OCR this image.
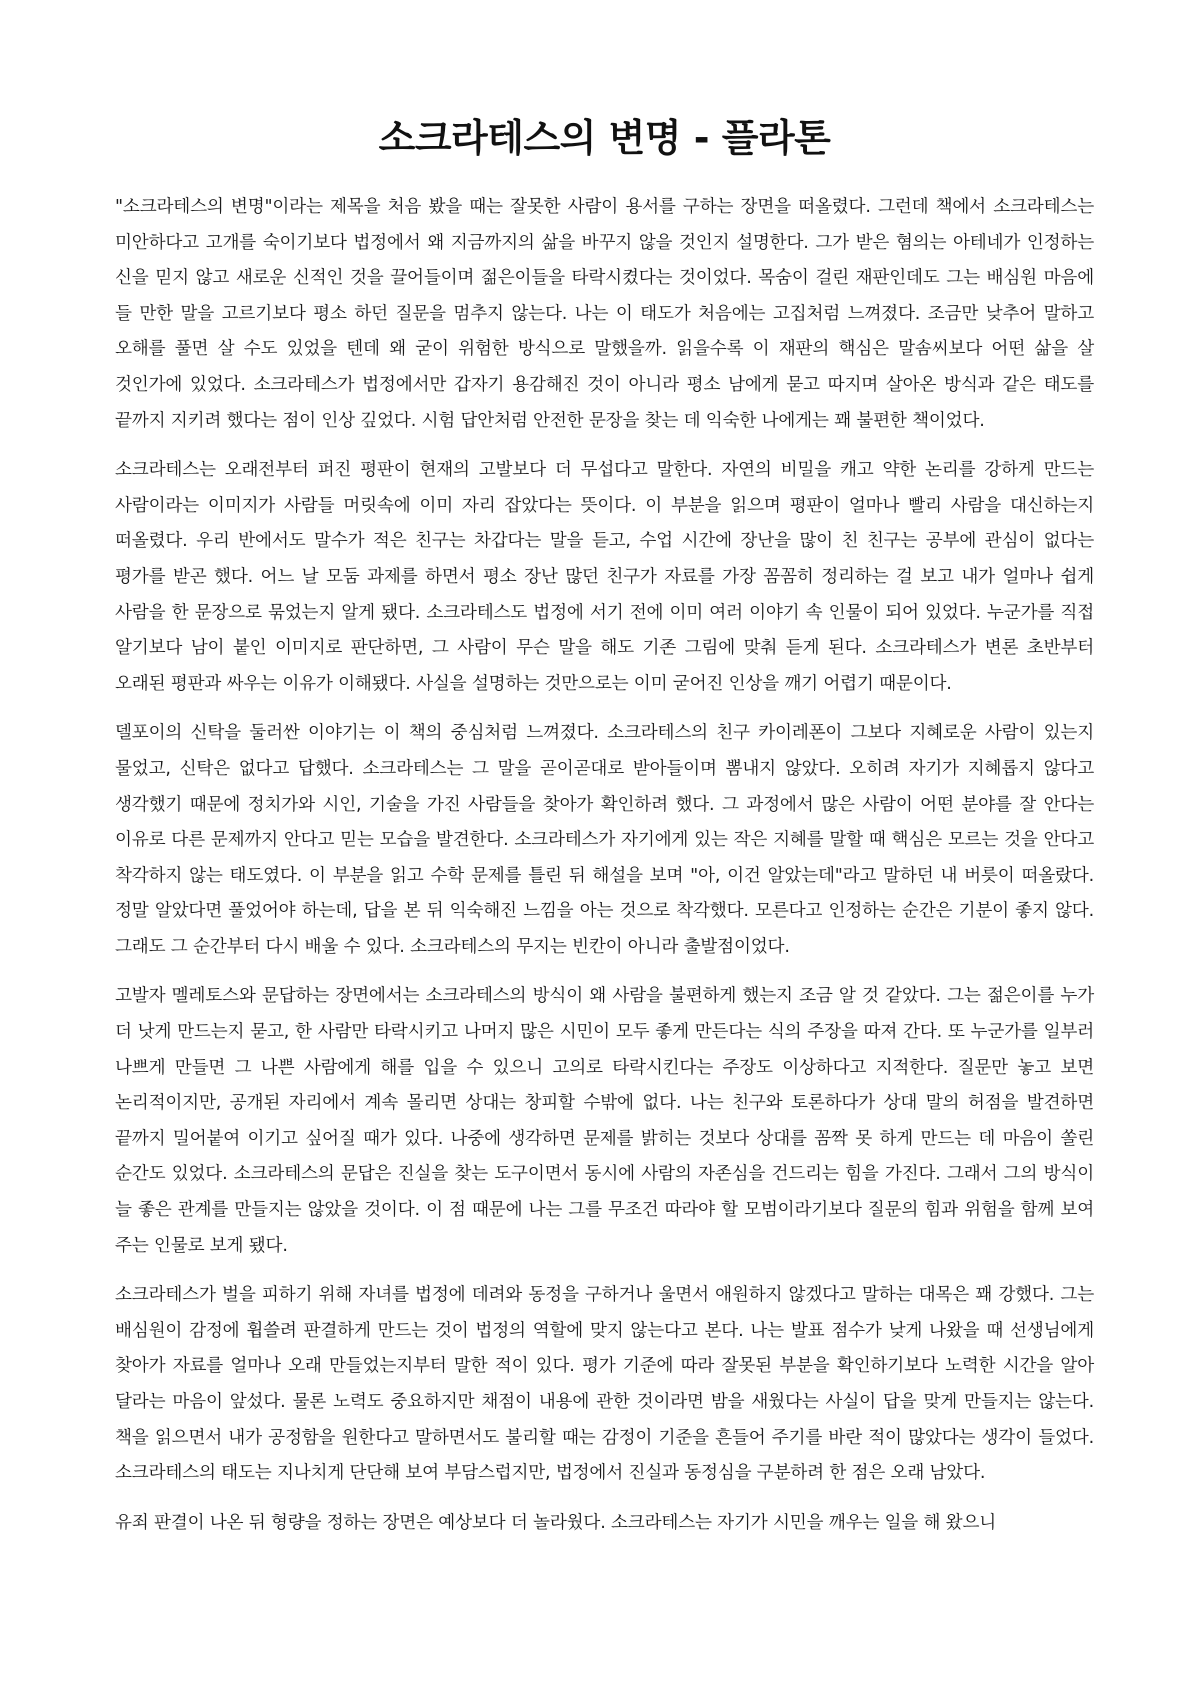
소크라테스의 변명 - 플라톤

"소크라테스의 변명"이라는 제목을 처음 봤을 때는 잘못한 사람이 용서를 구하는 장면을 떠올렸다. 그런데 책에서 소크라테스는 미안하다고 고개를 숙이기보다 법정에서 왜 지금까지의 삶을 바꾸지 않을 것인지 설명한다. 그가 받은 혐의는 아테네가 인정하는 신을 믿지 않고 새로운 신적인 것을 끌어들이며 젊은이들을 타락시켰다는 것이었다. 목숨이 걸린 재판인데도 그는 배심원 마음에 들 만한 말을 고르기보다 평소 하던 질문을 멈추지 않는다. 나는 이 태도가 처음에는 고집처럼 느껴졌다. 조금만 낮추어 말하고 오해를 풀면 살 수도 있었을 텐데 왜 굳이 위험한 방식으로 말했을까. 읽을수록 이 재판의 핵심은 말솜씨보다 어떤 삶을 살 것인가에 있었다. 소크라테스가 법정에서만 갑자기 용감해진 것이 아니라 평소 남에게 묻고 따지며 살아온 방식과 같은 태도를 끝까지 지키려 했다는 점이 인상 깊었다. 시험 답안처럼 안전한 문장을 찾는 데 익숙한 나에게는 꽤 불편한 책이었다.

소크라테스는 오래전부터 퍼진 평판이 현재의 고발보다 더 무섭다고 말한다. 자연의 비밀을 캐고 약한 논리를 강하게 만드는 사람이라는 이미지가 사람들 머릿속에 이미 자리 잡았다는 뜻이다. 이 부분을 읽으며 평판이 얼마나 빨리 사람을 대신하는지 떠올렸다. 우리 반에서도 말수가 적은 친구는 차갑다는 말을 듣고, 수업 시간에 장난을 많이 친 친구는 공부에 관심이 없다는 평가를 받곤 했다. 어느 날 모둠 과제를 하면서 평소 장난 많던 친구가 자료를 가장 꼼꼼히 정리하는 걸 보고 내가 얼마나 쉽게 사람을 한 문장으로 묶었는지 알게 됐다. 소크라테스도 법정에 서기 전에 이미 여러 이야기 속 인물이 되어 있었다. 누군가를 직접 알기보다 남이 붙인 이미지로 판단하면, 그 사람이 무슨 말을 해도 기존 그림에 맞춰 듣게 된다. 소크라테스가 변론 초반부터 오래된 평판과 싸우는 이유가 이해됐다. 사실을 설명하는 것만으로는 이미 굳어진 인상을 깨기 어렵기 때문이다.

델포이의 신탁을 둘러싼 이야기는 이 책의 중심처럼 느껴졌다. 소크라테스의 친구 카이레폰이 그보다 지혜로운 사람이 있는지 물었고, 신탁은 없다고 답했다. 소크라테스는 그 말을 곧이곧대로 받아들이며 뽐내지 않았다. 오히려 자기가 지혜롭지 않다고 생각했기 때문에 정치가와 시인, 기술을 가진 사람들을 찾아가 확인하려 했다. 그 과정에서 많은 사람이 어떤 분야를 잘 안다는 이유로 다른 문제까지 안다고 믿는 모습을 발견한다. 소크라테스가 자기에게 있는 작은 지혜를 말할 때 핵심은 모르는 것을 안다고 착각하지 않는 태도였다. 이 부분을 읽고 수학 문제를 틀린 뒤 해설을 보며 "아, 이건 알았는데"라고 말하던 내 버릇이 떠올랐다. 정말 알았다면 풀었어야 하는데, 답을 본 뒤 익숙해진 느낌을 아는 것으로 착각했다. 모른다고 인정하는 순간은 기분이 좋지 않다. 그래도 그 순간부터 다시 배울 수 있다. 소크라테스의 무지는 빈칸이 아니라 출발점이었다.

고발자 멜레토스와 문답하는 장면에서는 소크라테스의 방식이 왜 사람을 불편하게 했는지 조금 알 것 같았다. 그는 젊은이를 누가 더 낫게 만드는지 묻고, 한 사람만 타락시키고 나머지 많은 시민이 모두 좋게 만든다는 식의 주장을 따져 간다. 또 누군가를 일부러 나쁘게 만들면 그 나쁜 사람에게 해를 입을 수 있으니 고의로 타락시킨다는 주장도 이상하다고 지적한다. 질문만 놓고 보면 논리적이지만, 공개된 자리에서 계속 몰리면 상대는 창피할 수밖에 없다. 나는 친구와 토론하다가 상대 말의 허점을 발견하면 끝까지 밀어붙여 이기고 싶어질 때가 있다. 나중에 생각하면 문제를 밝히는 것보다 상대를 꼼짝 못 하게 만드는 데 마음이 쏠린 순간도 있었다. 소크라테스의 문답은 진실을 찾는 도구이면서 동시에 사람의 자존심을 건드리는 힘을 가진다. 그래서 그의 방식이 늘 좋은 관계를 만들지는 않았을 것이다. 이 점 때문에 나는 그를 무조건 따라야 할 모범이라기보다 질문의 힘과 위험을 함께 보여 주는 인물로 보게 됐다.

소크라테스가 벌을 피하기 위해 자녀를 법정에 데려와 동정을 구하거나 울면서 애원하지 않겠다고 말하는 대목은 꽤 강했다. 그는 배심원이 감정에 휩쓸려 판결하게 만드는 것이 법정의 역할에 맞지 않는다고 본다. 나는 발표 점수가 낮게 나왔을 때 선생님에게 찾아가 자료를 얼마나 오래 만들었는지부터 말한 적이 있다. 평가 기준에 따라 잘못된 부분을 확인하기보다 노력한 시간을 알아 달라는 마음이 앞섰다. 물론 노력도 중요하지만 채점이 내용에 관한 것이라면 밤을 새웠다는 사실이 답을 맞게 만들지는 않는다. 책을 읽으면서 내가 공정함을 원한다고 말하면서도 불리할 때는 감정이 기준을 흔들어 주기를 바란 적이 많았다는 생각이 들었다. 소크라테스의 태도는 지나치게 단단해 보여 부담스럽지만, 법정에서 진실과 동정심을 구분하려 한 점은 오래 남았다.

유죄 판결이 나온 뒤 형량을 정하는 장면은 예상보다 더 놀라웠다. 소크라테스는 자기가 시민을 깨우는 일을 해 왔으니
